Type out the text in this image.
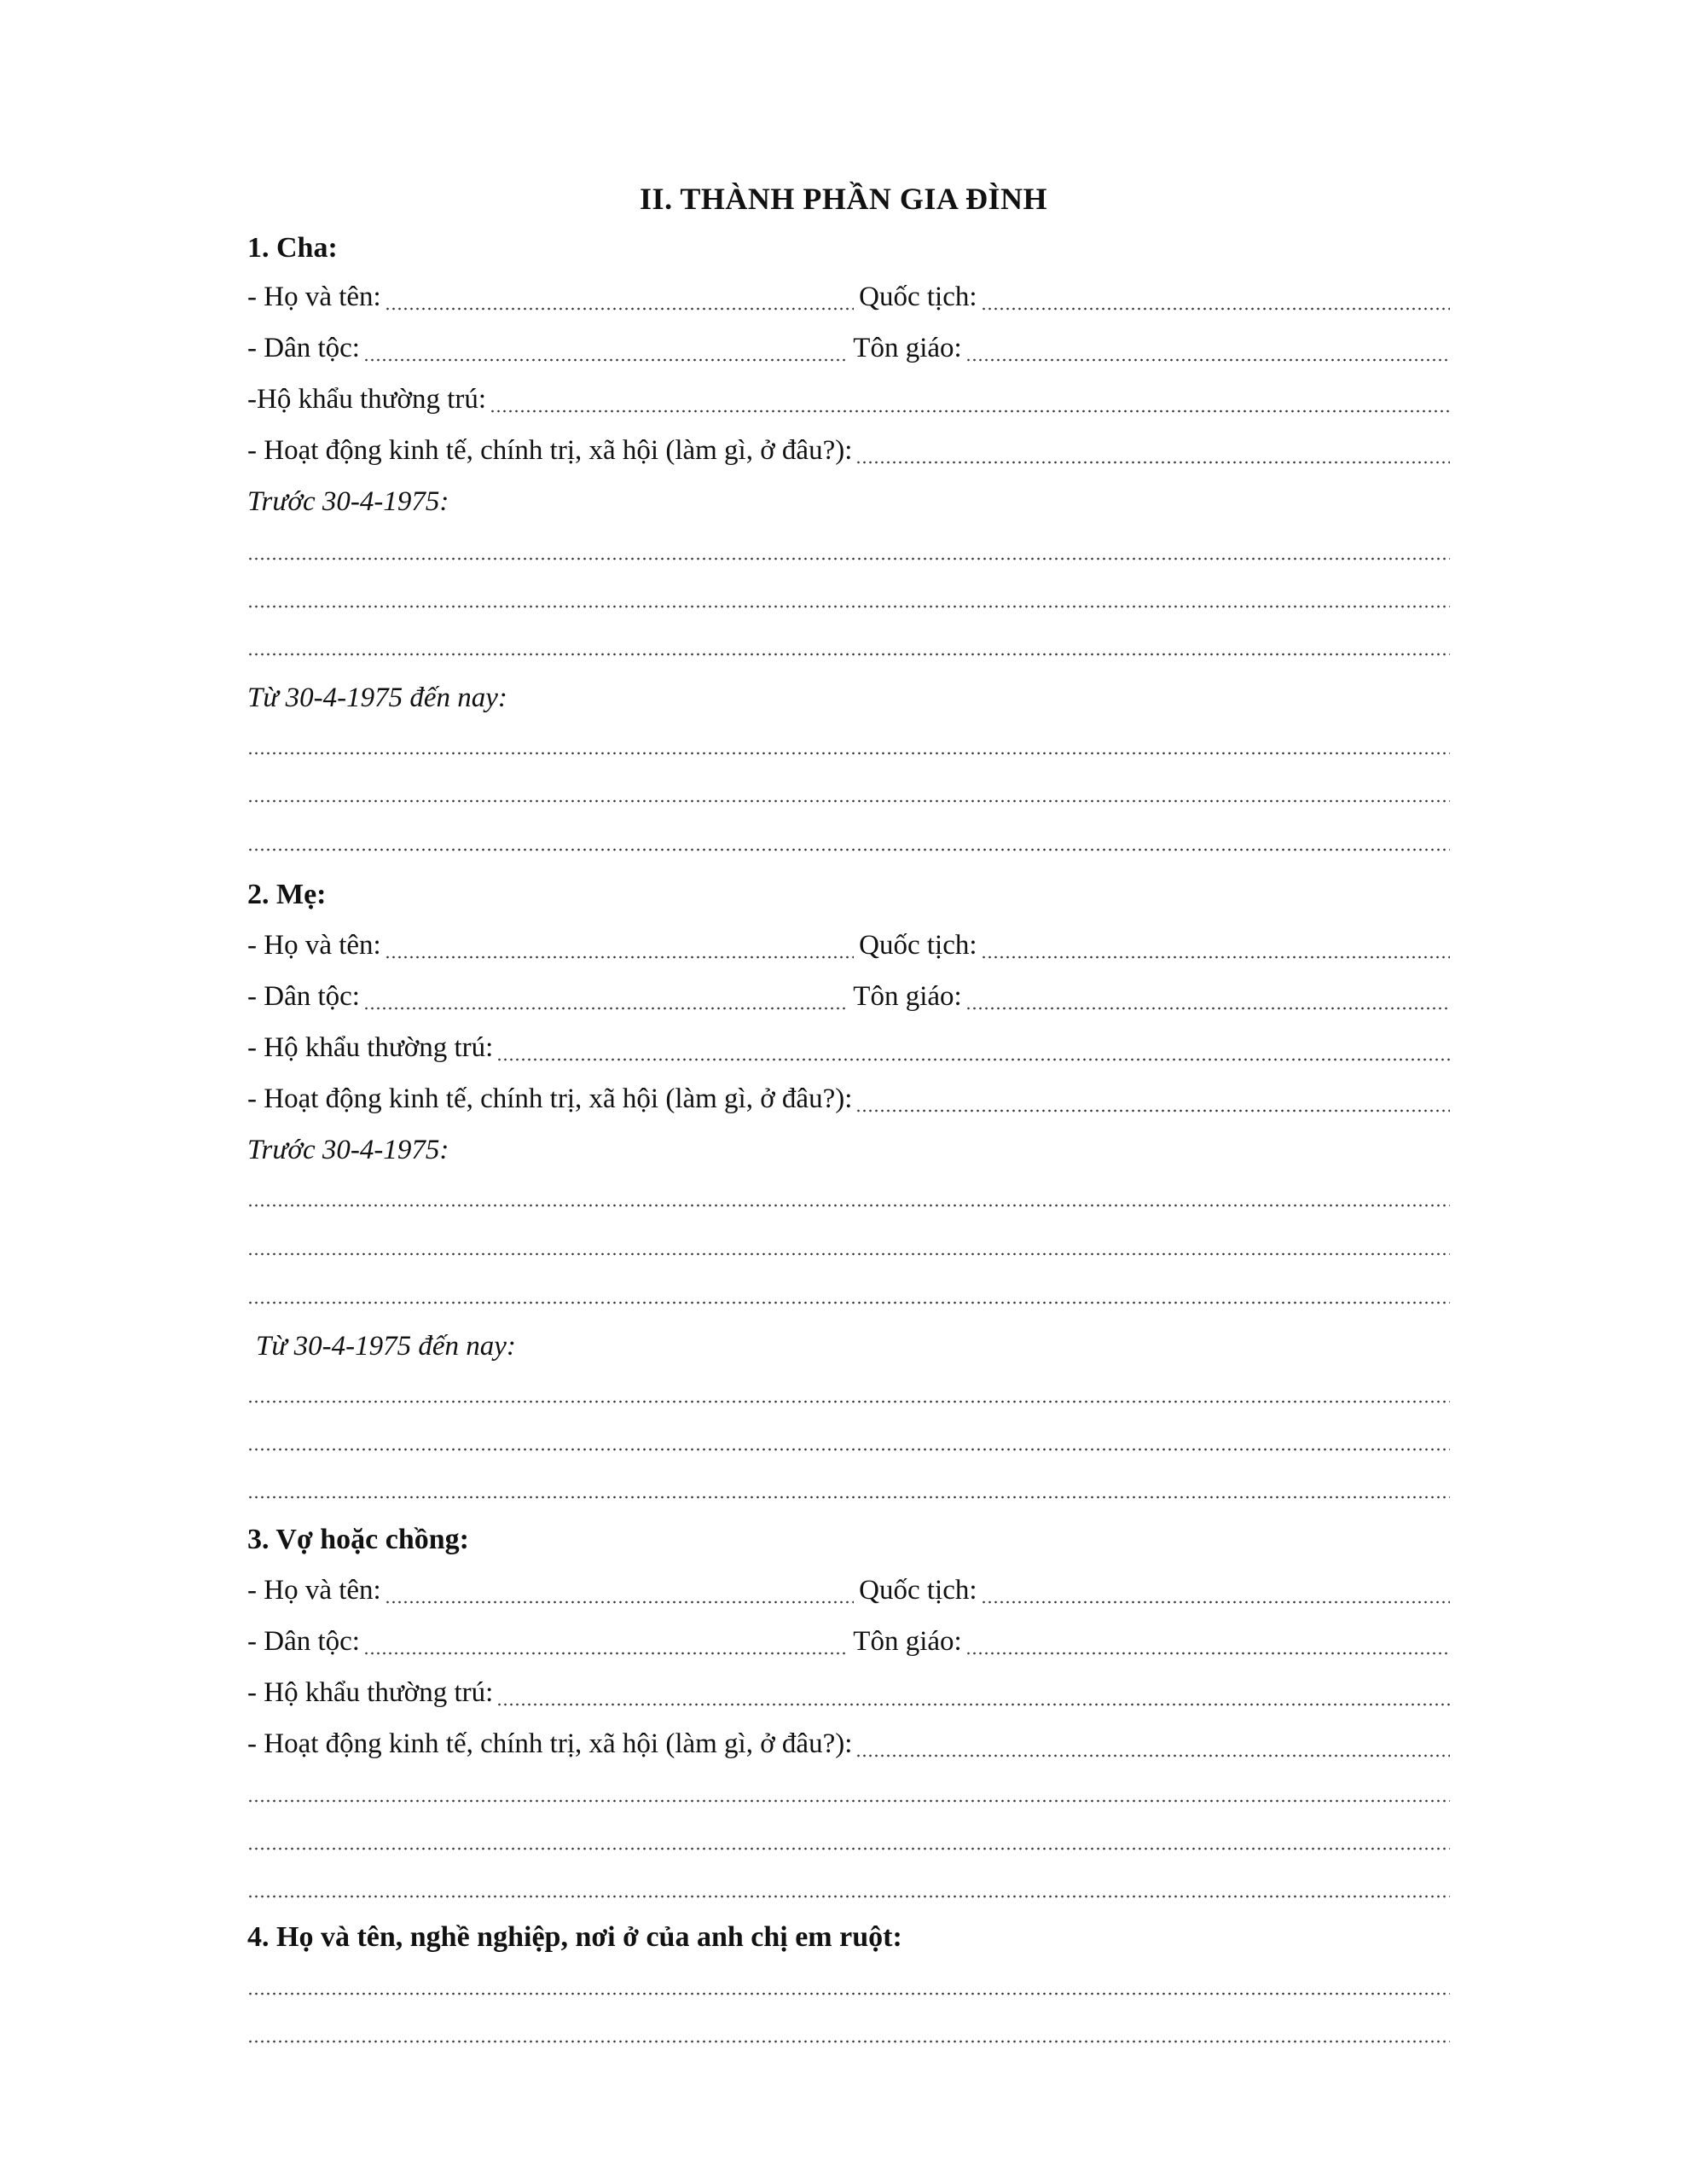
II. THÀNH PHẦN GIA ĐÌNH
1. Cha:
- Họ và tên:	Quốc tịch:
- Dân tộc:	Tôn giáo:
-Hộ khẩu thường trú:
- Hoạt động kinh tế, chính trị, xã hội (làm gì, ở đâu?):
Trước 30-4-1975:
Từ 30-4-1975 đến nay:
2. Mẹ:
- Họ và tên:	Quốc tịch:
- Dân tộc:	Tôn giáo:
- Hộ khẩu thường trú:
- Hoạt động kinh tế, chính trị, xã hội (làm gì, ở đâu?):
Trước 30-4-1975:
Từ 30-4-1975 đến nay:
3. Vợ hoặc chồng:
- Họ và tên:	Quốc tịch:
- Dân tộc:	Tôn giáo:
- Hộ khẩu thường trú:
- Hoạt động kinh tế, chính trị, xã hội (làm gì, ở đâu?):
4. Họ và tên, nghề nghiệp, nơi ở của anh chị em ruột:
